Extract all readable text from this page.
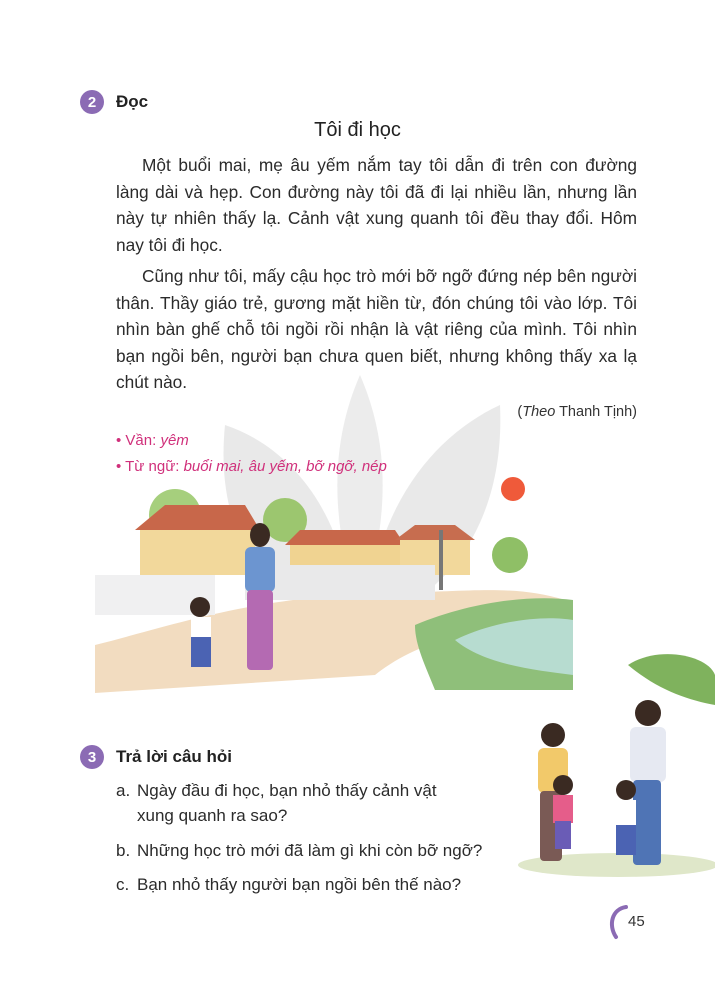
2	Đọc
Tôi đi học

Một buổi mai, mẹ âu yếm nắm tay tôi dẫn đi trên con đường làng dài và hẹp. Con đường này tôi đã đi lại nhiều lần, nhưng lần này tự nhiên thấy lạ. Cảnh vật xung quanh tôi đều thay đổi. Hôm nay tôi đi học.

Cũng như tôi, mấy cậu học trò mới bỡ ngỡ đứng nép bên người thân. Thầy giáo trẻ, gương mặt hiền từ, đón chúng tôi vào lớp. Tôi nhìn bàn ghế chỗ tôi ngồi rồi nhận là vật riêng của mình. Tôi nhìn bạn ngồi bên, người bạn chưa quen biết, nhưng không thấy xa lạ chút nào.

(Theo Thanh Tịnh)
• Vần: yêm
• Từ ngữ: buổi mai, âu yếm, bỡ ngỡ, nép
3	Trả lời câu hỏi
a. Ngày đầu đi học, bạn nhỏ thấy cảnh vật
xung quanh ra sao?
b. Những học trò mới đã làm gì khi còn bỡ ngỡ?
c. Bạn nhỏ thấy người bạn ngồi bên thế nào?
45
